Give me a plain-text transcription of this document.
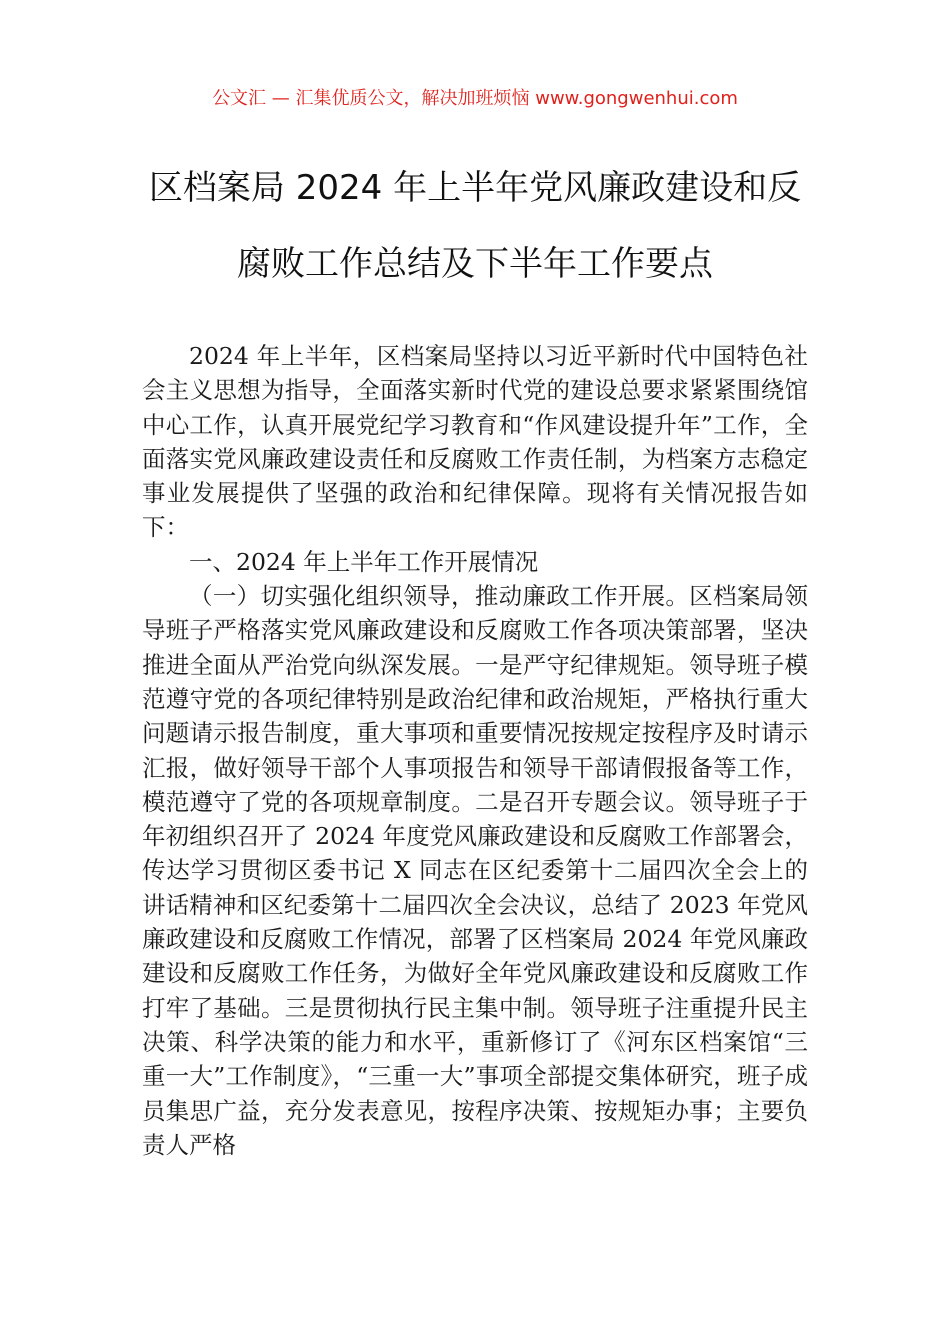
公文汇 — 汇集优质公文，解决加班烦恼 www.gongwenhui.com
区档案局 2024 年上半年党风廉政建设和反
腐败工作总结及下半年工作要点

2024 年上半年，区档案局坚持以习近平新时代中国特色社会主义思想为指导，全面落实新时代党的建设总要求紧紧围绕馆中心工作，认真开展党纪学习教育和“作风建设提升年”工作，全面落实党风廉政建设责任和反腐败工作责任制，为档案方志稳定事业发展提供了坚强的政治和纪律保障。现将有关情况报告如下：

一、2024 年上半年工作开展情况

（一）切实强化组织领导，推动廉政工作开展。区档案局领导班子严格落实党风廉政建设和反腐败工作各项决策部署，坚决推进全面从严治党向纵深发展。一是严守纪律规矩。领导班子模范遵守党的各项纪律特别是政治纪律和政治规矩，严格执行重大问题请示报告制度，重大事项和重要情况按规定按程序及时请示汇报，做好领导干部个人事项报告和领导干部请假报备等工作，模范遵守了党的各项规章制度。二是召开专题会议。领导班子于年初组织召开了 2024 年度党风廉政建设和反腐败工作部署会，传达学习贯彻区委书记 X 同志在区纪委第十二届四次全会上的讲话精神和区纪委第十二届四次全会决议，总结了 2023 年党风廉政建设和反腐败工作情况，部署了区档案局 2024 年党风廉政建设和反腐败工作任务，为做好全年党风廉政建设和反腐败工作打牢了基础。三是贯彻执行民主集中制。领导班子注重提升民主决策、科学决策的能力和水平，重新修订了《河东区档案馆“三重一大”工作制度》，“三重一大”事项全部提交集体研究，班子成员集思广益，充分发表意见，按程序决策、按规矩办事；主要负责人严格
